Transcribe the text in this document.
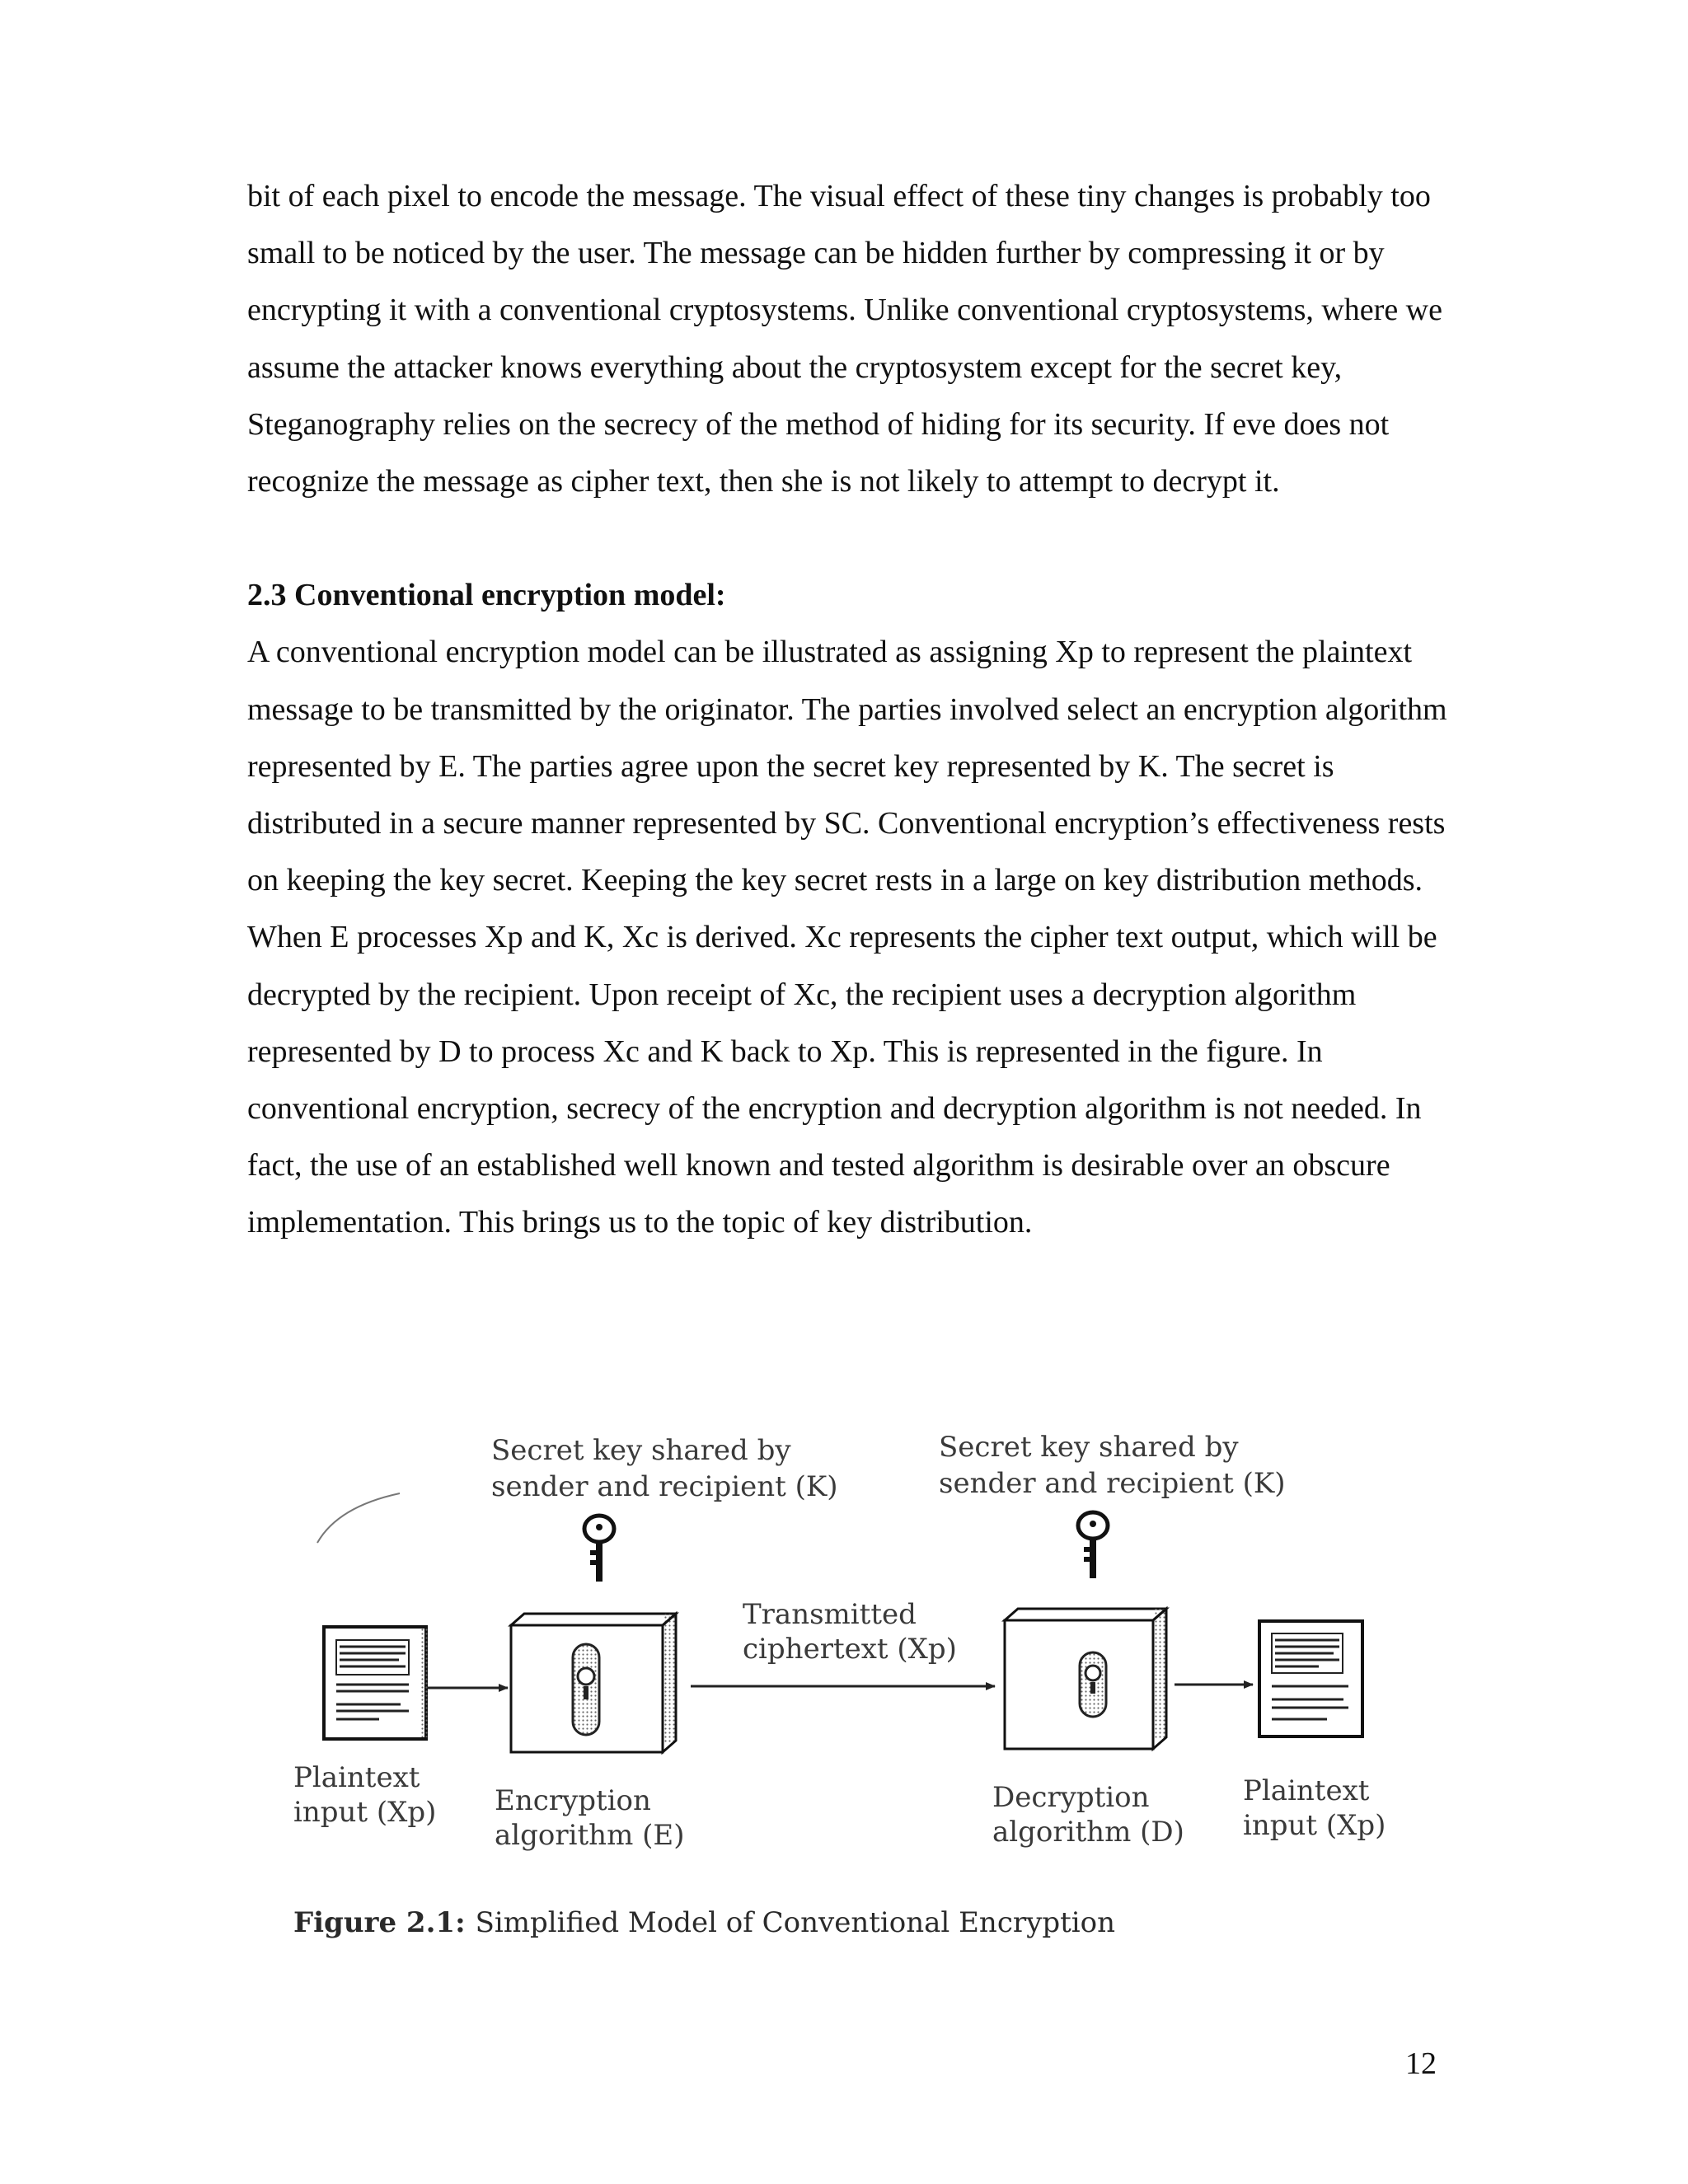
bit of each pixel to encode the message. The visual effect of these tiny changes is probably too small to be noticed by the user. The message can be hidden further by compressing it or by encrypting it with a conventional cryptosystems. Unlike conventional cryptosystems, where we assume the attacker knows everything about the cryptosystem except for the secret key, Steganography relies on the secrecy of the method of hiding for its security. If eve does not recognize the message as cipher text, then she is not likely to attempt to decrypt it.

2.3 Conventional encryption model:

A conventional encryption model can be illustrated as assigning Xp to represent the plaintext message to be transmitted by the originator. The parties involved select an encryption algorithm represented by E. The parties agree upon the secret key represented by K. The secret is distributed in a secure manner represented by SC. Conventional encryption’s effectiveness rests on keeping the key secret. Keeping the key secret rests in a large on key distribution methods. When E processes Xp and K, Xc is derived. Xc represents the cipher text output, which will be decrypted by the recipient. Upon receipt of Xc, the recipient uses a decryption algorithm represented by D to process Xc and K back to Xp. This is represented in the figure. In conventional encryption, secrecy of the encryption and decryption algorithm is not needed. In fact, the use of an established well known and tested algorithm is desirable over an obscure implementation. This brings us to the topic of key distribution.

Secret key shared by
sender and recipient (K)
Secret key shared by
sender and recipient (K)
Transmitted
ciphertext (Xp)
Plaintext
input (Xp) Encryption
algorithm (E)
Decryption
algorithm (D)
Plaintext
input (Xp)
Figure 2.1: Simplified Model of Conventional Encryption
12
